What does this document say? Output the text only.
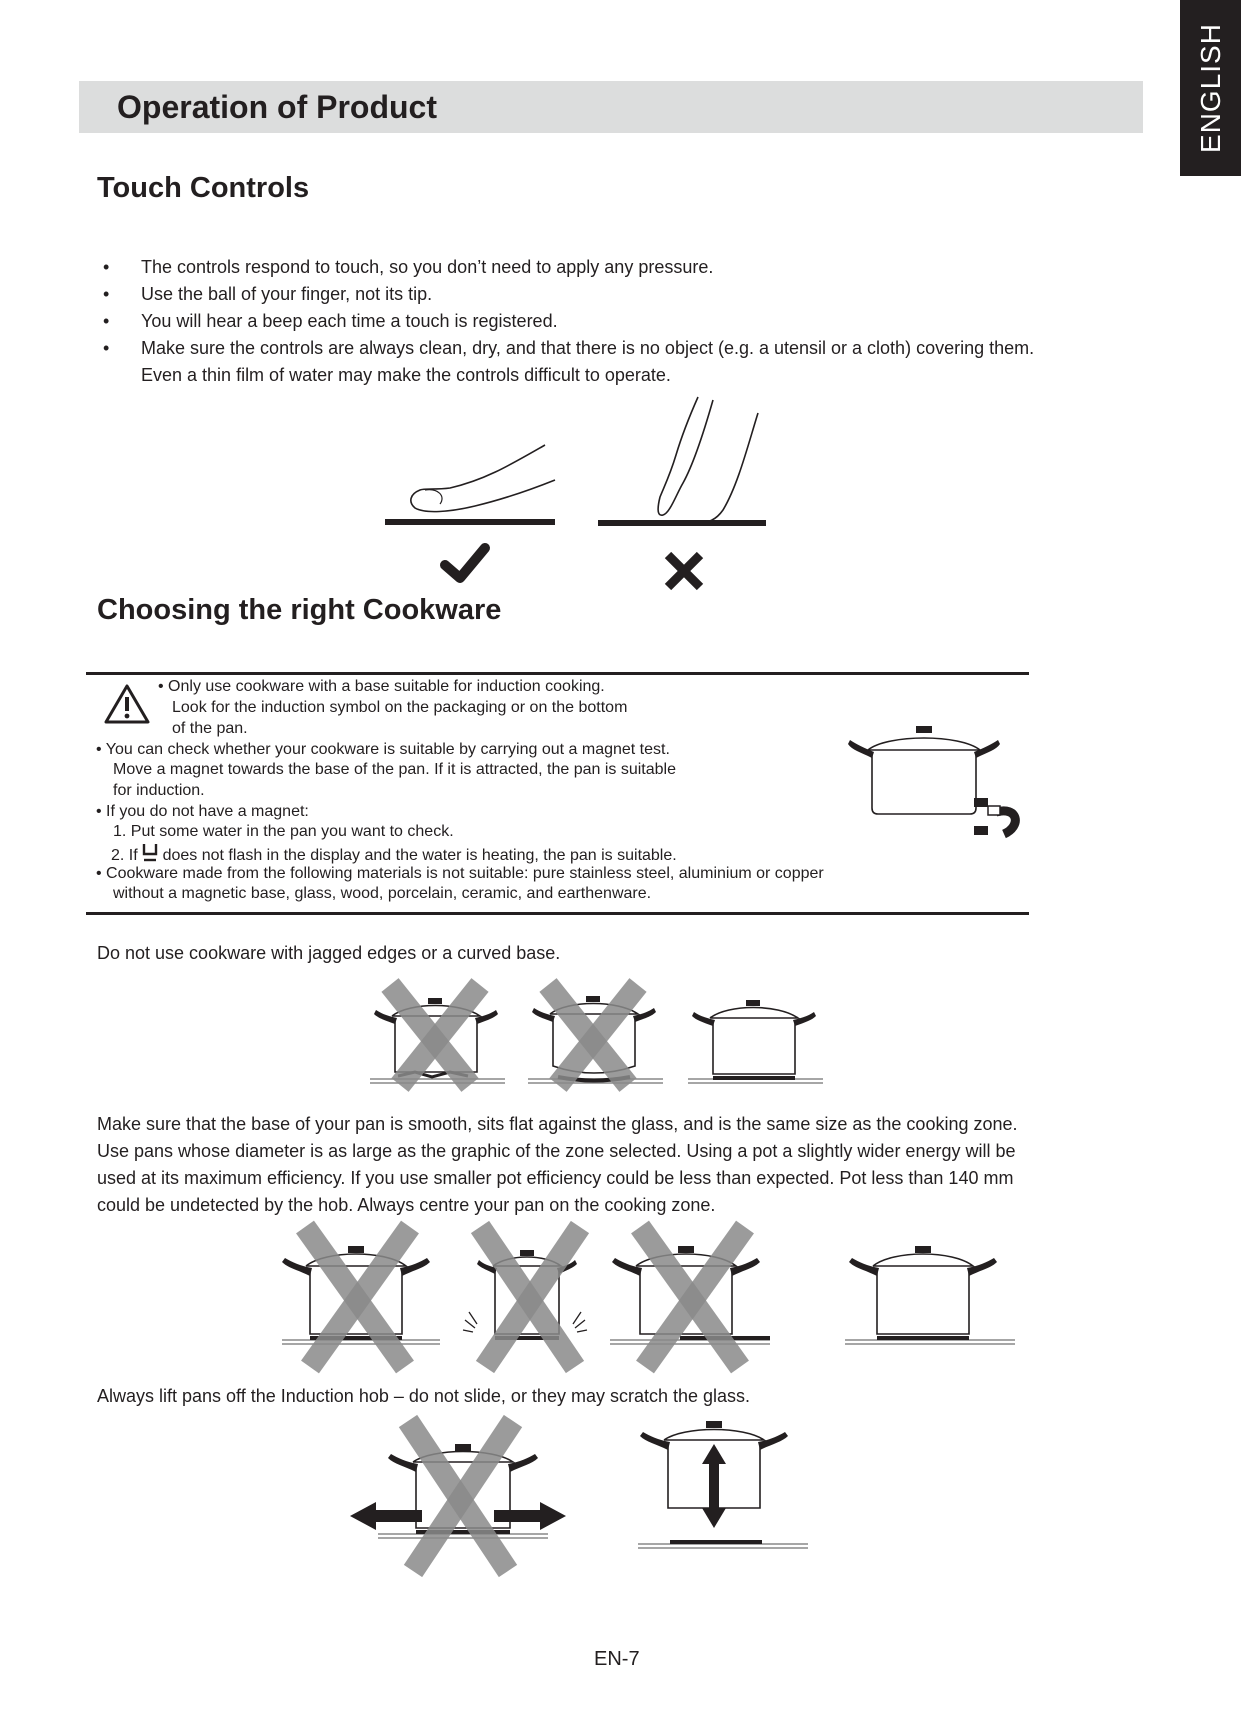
ENGLISH
Operation of Product
Touch Controls
• The controls respond to touch, so you don’t need to apply any pressure.
• Use the ball of your finger, not its tip.
• You will hear a beep each time a touch is registered.
• Make sure the controls are always clean, dry, and that there is no object (e.g. a utensil or a cloth) covering them.
Even a thin film of water may make the controls difficult to operate.
Choosing the right Cookware
• Only use cookware with a base suitable for induction cooking.
Look for the induction symbol on the packaging or on the bottom
of the pan.
• You can check whether your cookware is suitable by carrying out a magnet test.
Move a magnet towards the base of the pan. If it is attracted, the pan is suitable
for induction.
• If you do not have a magnet:
1. Put some water in the pan you want to check.
2. If does not flash in the display and the water is heating, the pan is suitable.
• Cookware made from the following materials is not suitable: pure stainless steel, aluminium or copper
without a magnetic base, glass, wood, porcelain, ceramic, and earthenware.
Do not use cookware with jagged edges or a curved base.
Make sure that the base of your pan is smooth, sits flat against the glass, and is the same size as the cooking zone.
Use pans whose diameter is as large as the graphic of the zone selected. Using a pot a slightly wider energy will be
used at its maximum efficiency. If you use smaller pot efficiency could be less than expected. Pot less than 140 mm
could be undetected by the hob. Always centre your pan on the cooking zone.
Always lift pans off the Induction hob – do not slide, or they may scratch the glass.
EN-7
